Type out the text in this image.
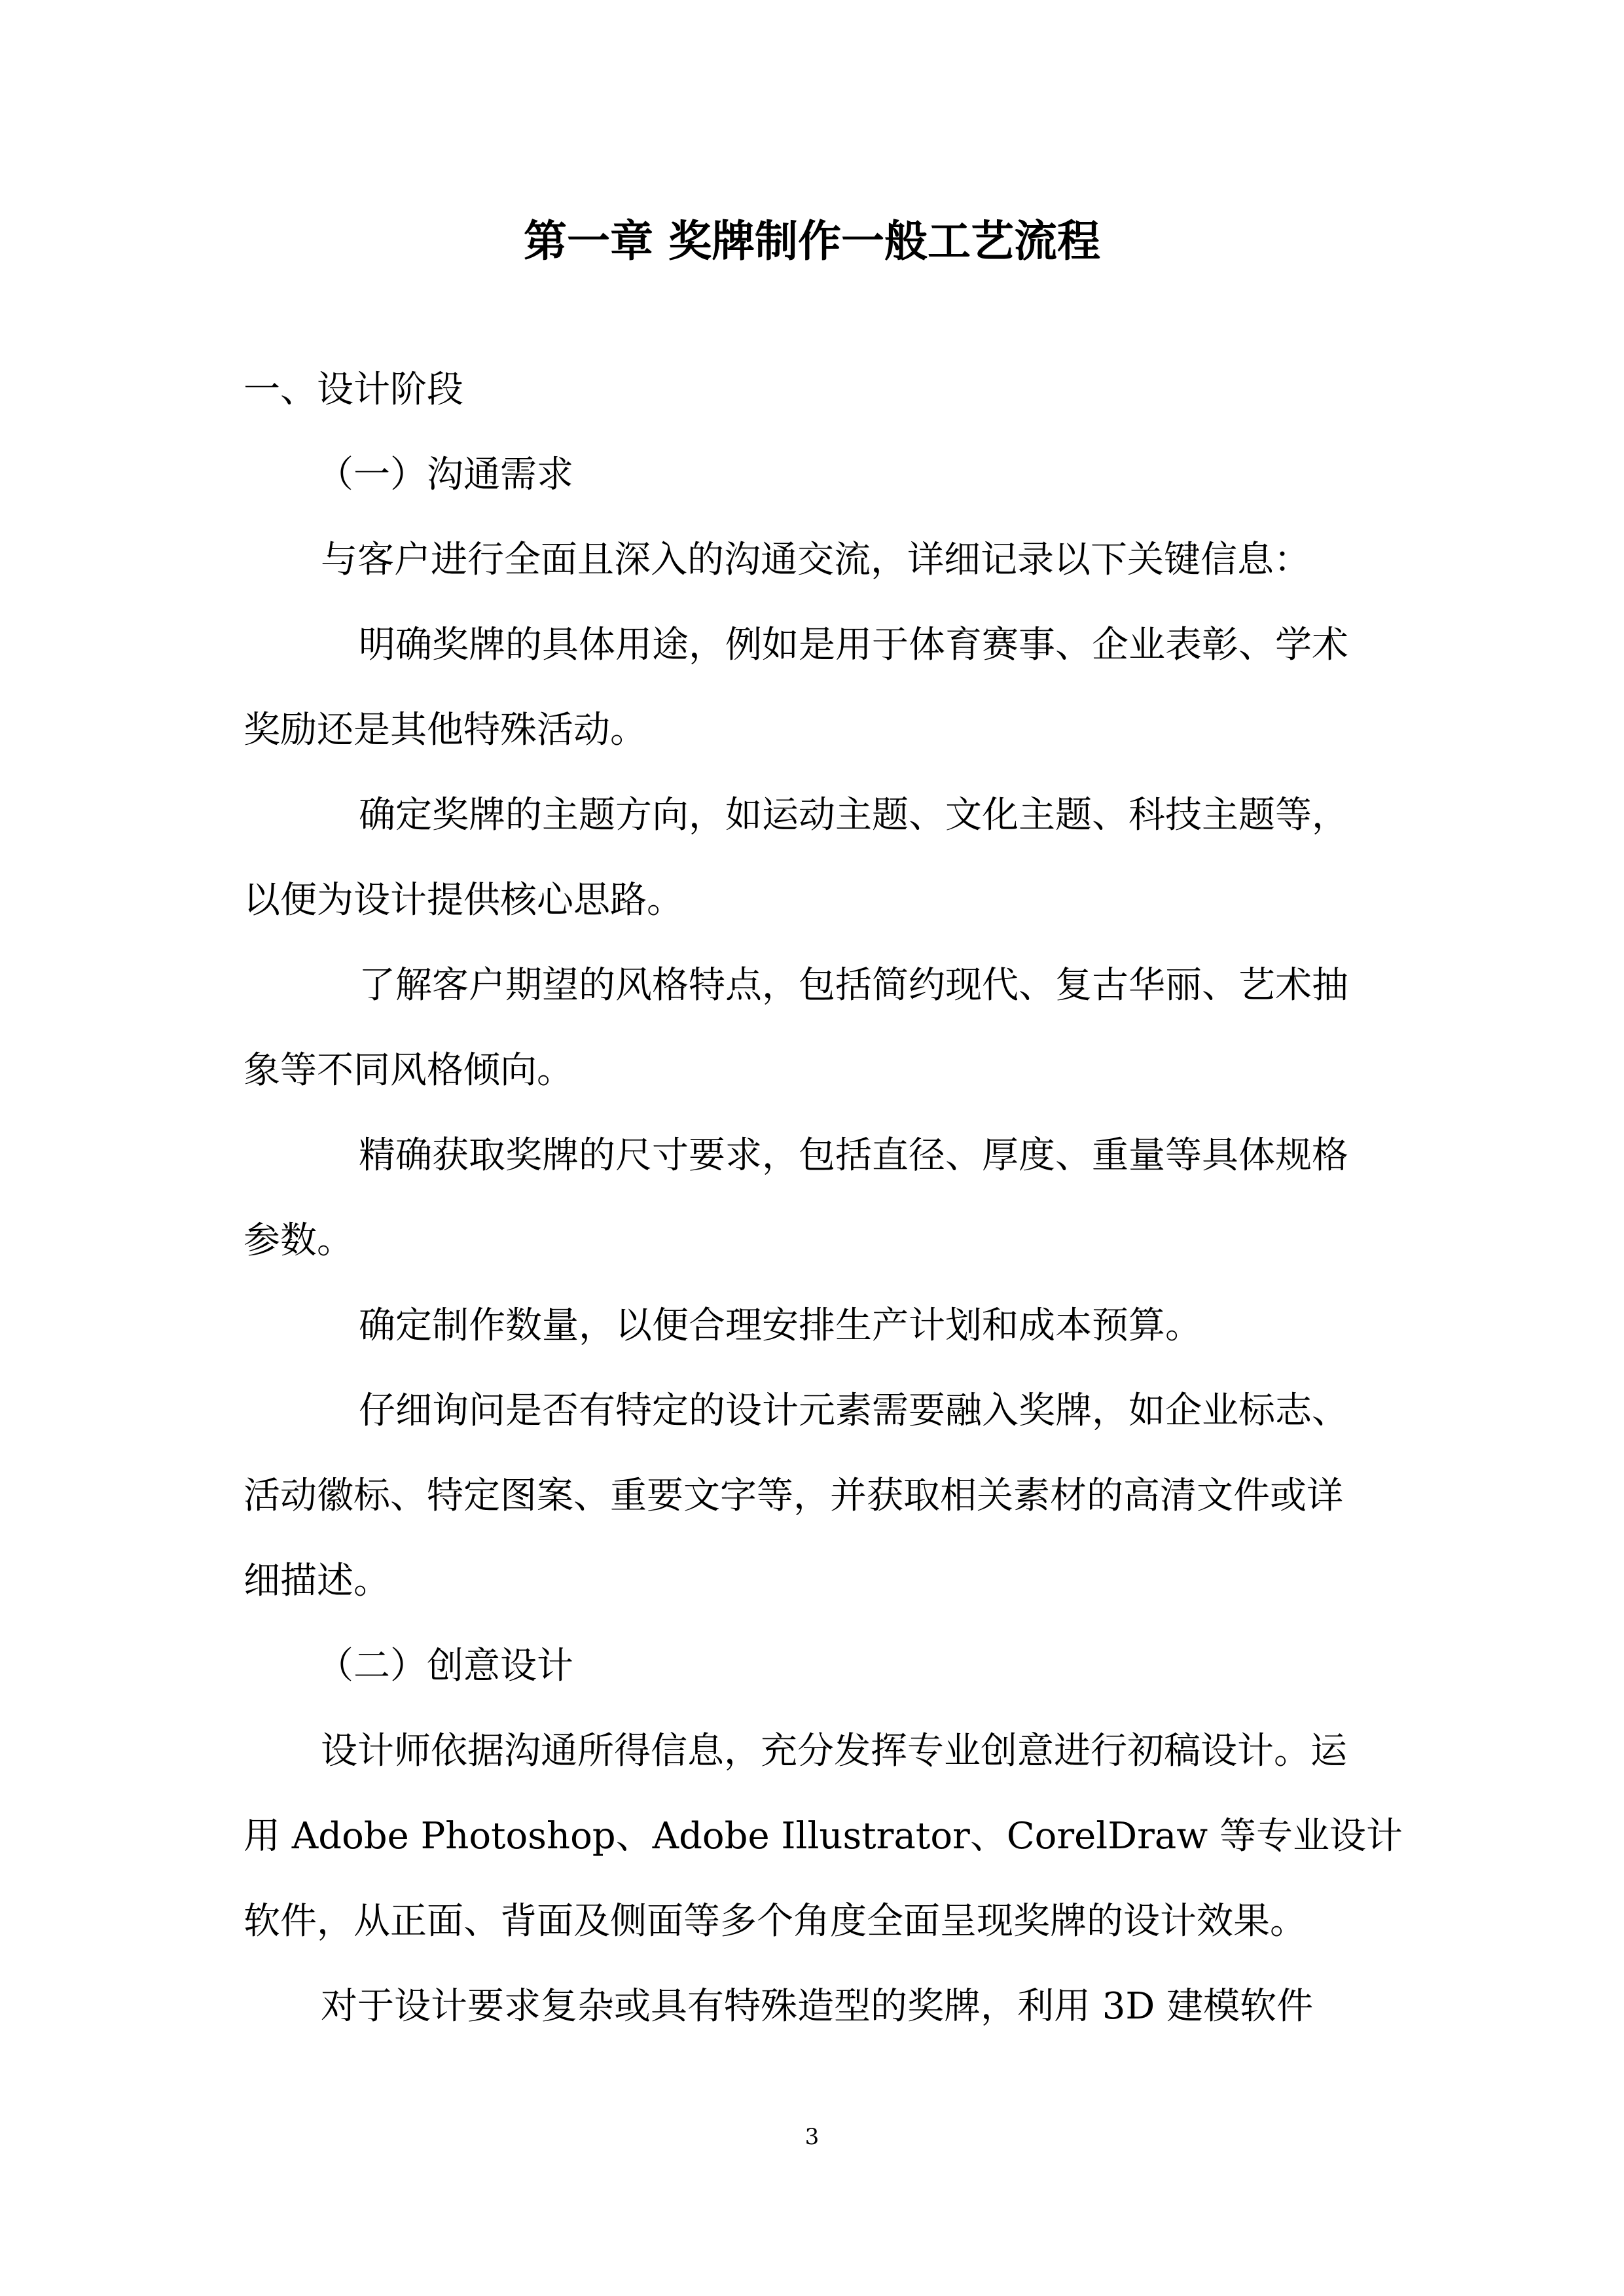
第一章 奖牌制作一般工艺流程

一、设计阶段

（一）沟通需求

与客户进行全面且深入的沟通交流，详细记录以下关键信息：

明确奖牌的具体用途，例如是用于体育赛事、企业表彰、学术

奖励还是其他特殊活动。

确定奖牌的主题方向，如运动主题、文化主题、科技主题等，

以便为设计提供核心思路。

了解客户期望的风格特点，包括简约现代、复古华丽、艺术抽

象等不同风格倾向。

精确获取奖牌的尺寸要求，包括直径、厚度、重量等具体规格

参数。

确定制作数量，以便合理安排生产计划和成本预算。

仔细询问是否有特定的设计元素需要融入奖牌，如企业标志、

活动徽标、特定图案、重要文字等，并获取相关素材的高清文件或详

细描述。

（二）创意设计

设计师依据沟通所得信息，充分发挥专业创意进行初稿设计。运

用 Adobe Photoshop、Adobe Illustrator、CorelDraw 等专业设计

软件，从正面、背面及侧面等多个角度全面呈现奖牌的设计效果。

对于设计要求复杂或具有特殊造型的奖牌，利用 3D 建模软件

3
